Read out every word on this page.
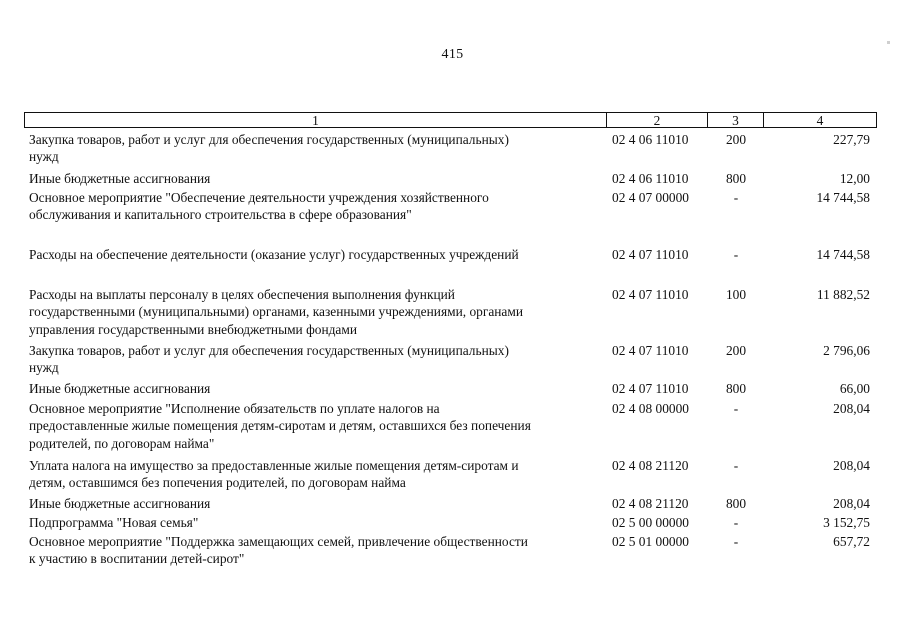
415
1	2	3	4
Закупка товаров, работ и услуг для обеспечения государственных (муниципальных)
нужд
02 4 06 11010	200	227,79
Иные бюджетные ассигнования	02 4 06 11010	800	12,00
Основное мероприятие "Обеспечение деятельности учреждения хозяйственного
обслуживания и капитального строительства в сфере образования"
02 4 07 00000	-	14 744,58
Расходы на обеспечение деятельности (оказание услуг) государственных учреждений	02 4 07 11010	-	14 744,58
Расходы на выплаты персоналу в целях обеспечения выполнения функций
государственными (муниципальными) органами, казенными учреждениями, органами
управления государственными внебюджетными фондами
02 4 07 11010	100	11 882,52
Закупка товаров, работ и услуг для обеспечения государственных (муниципальных)
нужд
02 4 07 11010	200	2 796,06
Иные бюджетные ассигнования	02 4 07 11010	800	66,00
Основное мероприятие "Исполнение обязательств по уплате налогов на
предоставленные жилые помещения детям-сиротам и детям, оставшихся без попечения
родителей, по договорам найма"
02 4 08 00000	-	208,04
Уплата налога на имущество за предоставленные жилые помещения детям-сиротам и
детям, оставшимся без попечения родителей, по договорам найма
02 4 08 21120	-	208,04
Иные бюджетные ассигнования	02 4 08 21120	800	208,04
Подпрограмма "Новая семья"	02 5 00 00000	-	3 152,75
Основное мероприятие "Поддержка замещающих семей, привлечение общественности
к участию в воспитании детей-сирот"
02 5 01 00000	-	657,72
